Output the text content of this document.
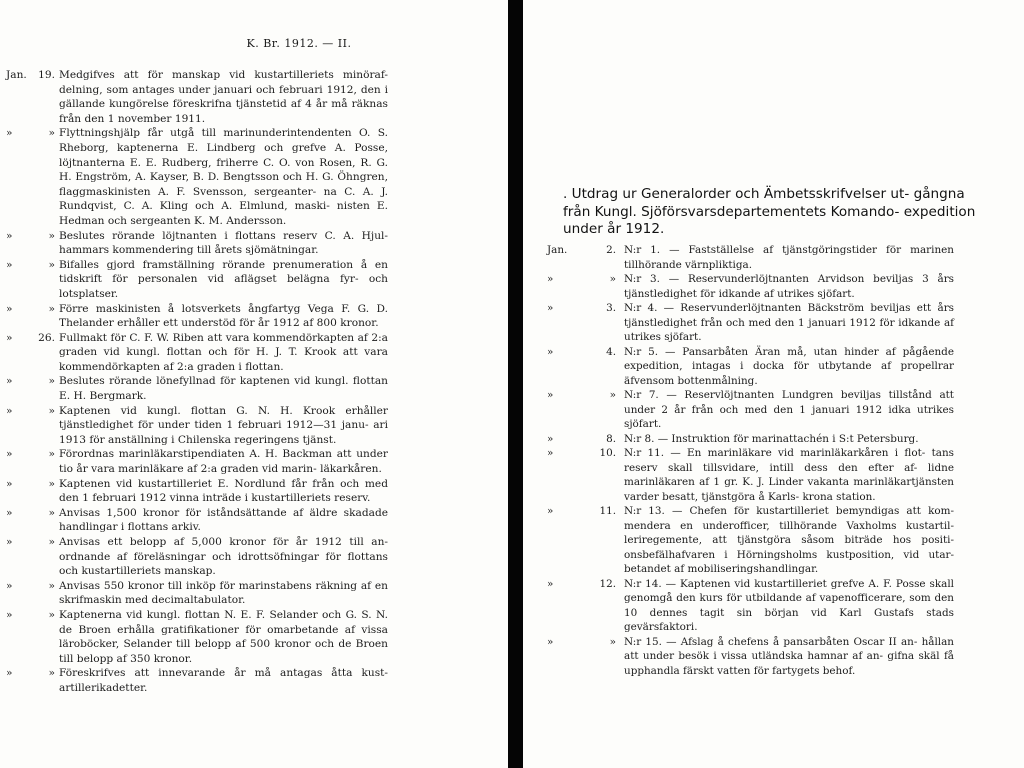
K. Br. 1912. — II.
Jan.	19. Medgifves att för manskap vid kustartilleriets minöraf- delning, som antages under januari och februari 1912, den i gällande kungörelse föreskrifna tjänstetid af 4 år må räknas från den 1 november 1911.
»	» Flyttningshjälp får utgå till marinunderintendenten O. S. Rheborg, kaptenerna E. Lindberg och grefve A. Posse, löjtnanterna E. E. Rudberg, friherre C. O. von Rosen, R. G. H. Engström, A. Kayser, B. D. Bengtsson och H. G. Öhngren, flaggmaskinisten A. F. Svensson, sergeanter- na C. A. J. Rundqvist, C. A. Kling och A. Elmlund, maski- nisten E. Hedman och sergeanten K. M. Andersson.
»	» Beslutes rörande löjtnanten i flottans reserv C. A. Hjul- hammars kommendering till årets sjömätningar.
»	» Bifalles gjord framställning rörande prenumeration å en tidskrift för personalen vid aflägset belägna fyr- och lotsplatser.
»	» Förre maskinisten å lotsverkets ångfartyg Vega F. G. D. Thelander erhåller ett understöd för år 1912 af 800 kronor.
»	26. Fullmakt för C. F. W. Riben att vara kommendörkapten af 2:a graden vid kungl. flottan och för H. J. T. Krook att vara kommendörkapten af 2:a graden i flottan.
»	» Beslutes rörande lönefyllnad för kaptenen vid kungl. flottan E. H. Bergmark.
»	» Kaptenen vid kungl. flottan G. N. H. Krook erhåller tjänstledighet för under tiden 1 februari 1912—31 janu- ari 1913 för anställning i Chilenska regeringens tjänst.
»	» Förordnas marinläkarstipendiaten A. H. Backman att under tio år vara marinläkare af 2:a graden vid marin- läkarkåren.
»	» Kaptenen vid kustartilleriet E. Nordlund får från och med den 1 februari 1912 vinna inträde i kustartilleriets reserv.
»	» Anvisas 1,500 kronor för iståndsättande af äldre skadade handlingar i flottans arkiv.
»	» Anvisas ett belopp af 5,000 kronor för år 1912 till an- ordnande af föreläsningar och idrottsöfningar för flottans och kustartilleriets manskap.
»	» Anvisas 550 kronor till inköp för marinstabens räkning af en skrifmaskin med decimaltabulator.
»	» Kaptenerna vid kungl. flottan N. E. F. Selander och G. S. N. de Broen erhålla gratifikationer för omarbetande af vissa läroböcker, Selander till belopp af 500 kronor och de Broen till belopp af 350 kronor.
»	» Föreskrifves att innevarande år må antagas åtta kust- artillerikadetter.
. Utdrag ur Generalorder och Ämbetsskrifvelser ut- gångna från Kungl. Sjöförsvarsdepartementets Komando- expedition under år 1912.
Jan.	2. N:r 1. — Fastställelse af tjänstgöringstider för marinen tillhörande värnpliktiga.
»	» N:r 3. — Reservunderlöjtnanten Arvidson beviljas 3 års tjänstledighet för idkande af utrikes sjöfart.
»	3. N:r 4. — Reservunderlöjtnanten Bäckström beviljas ett års tjänstledighet från och med den 1 januari 1912 för idkande af utrikes sjöfart.
»	4. N:r 5. — Pansarbåten Äran må, utan hinder af pågående expedition, intagas i docka för utbytande af propellrar äfvensom bottenmålning.
»	» N:r 7. — Reservlöjtnanten Lundgren beviljas tillstånd att under 2 år från och med den 1 januari 1912 idka utrikes sjöfart.
»	8. N:r 8. — Instruktion för marinattachén i S:t Petersburg.
»	10. N:r 11. — En marinläkare vid marinläkarkåren i flot- tans reserv skall tillsvidare, intill dess den efter af- lidne marinläkaren af 1 gr. K. J. Linder vakanta marinläkartjänsten varder besatt, tjänstgöra å Karls- krona station.
»	11. N:r 13. — Chefen för kustartilleriet bemyndigas att kom- mendera en underofficer, tillhörande Vaxholms kustartil- leriregemente, att tjänstgöra såsom biträde hos positi- onsbefälhafvaren i Hörningsholms kustposition, vid utar- betandet af mobiliseringshandlingar.
»	12. N:r 14. — Kaptenen vid kustartilleriet grefve A. F. Posse skall genomgå den kurs för utbildande af vapenofficerare, som den 10 dennes tagit sin början vid Karl Gustafs stads gevärsfaktori.
»	» N:r 15. — Afslag å chefens å pansarbåten Oscar II an- hållan att under besök i vissa utländska hamnar af an- gifna skäl få upphandla färskt vatten för fartygets behof.
